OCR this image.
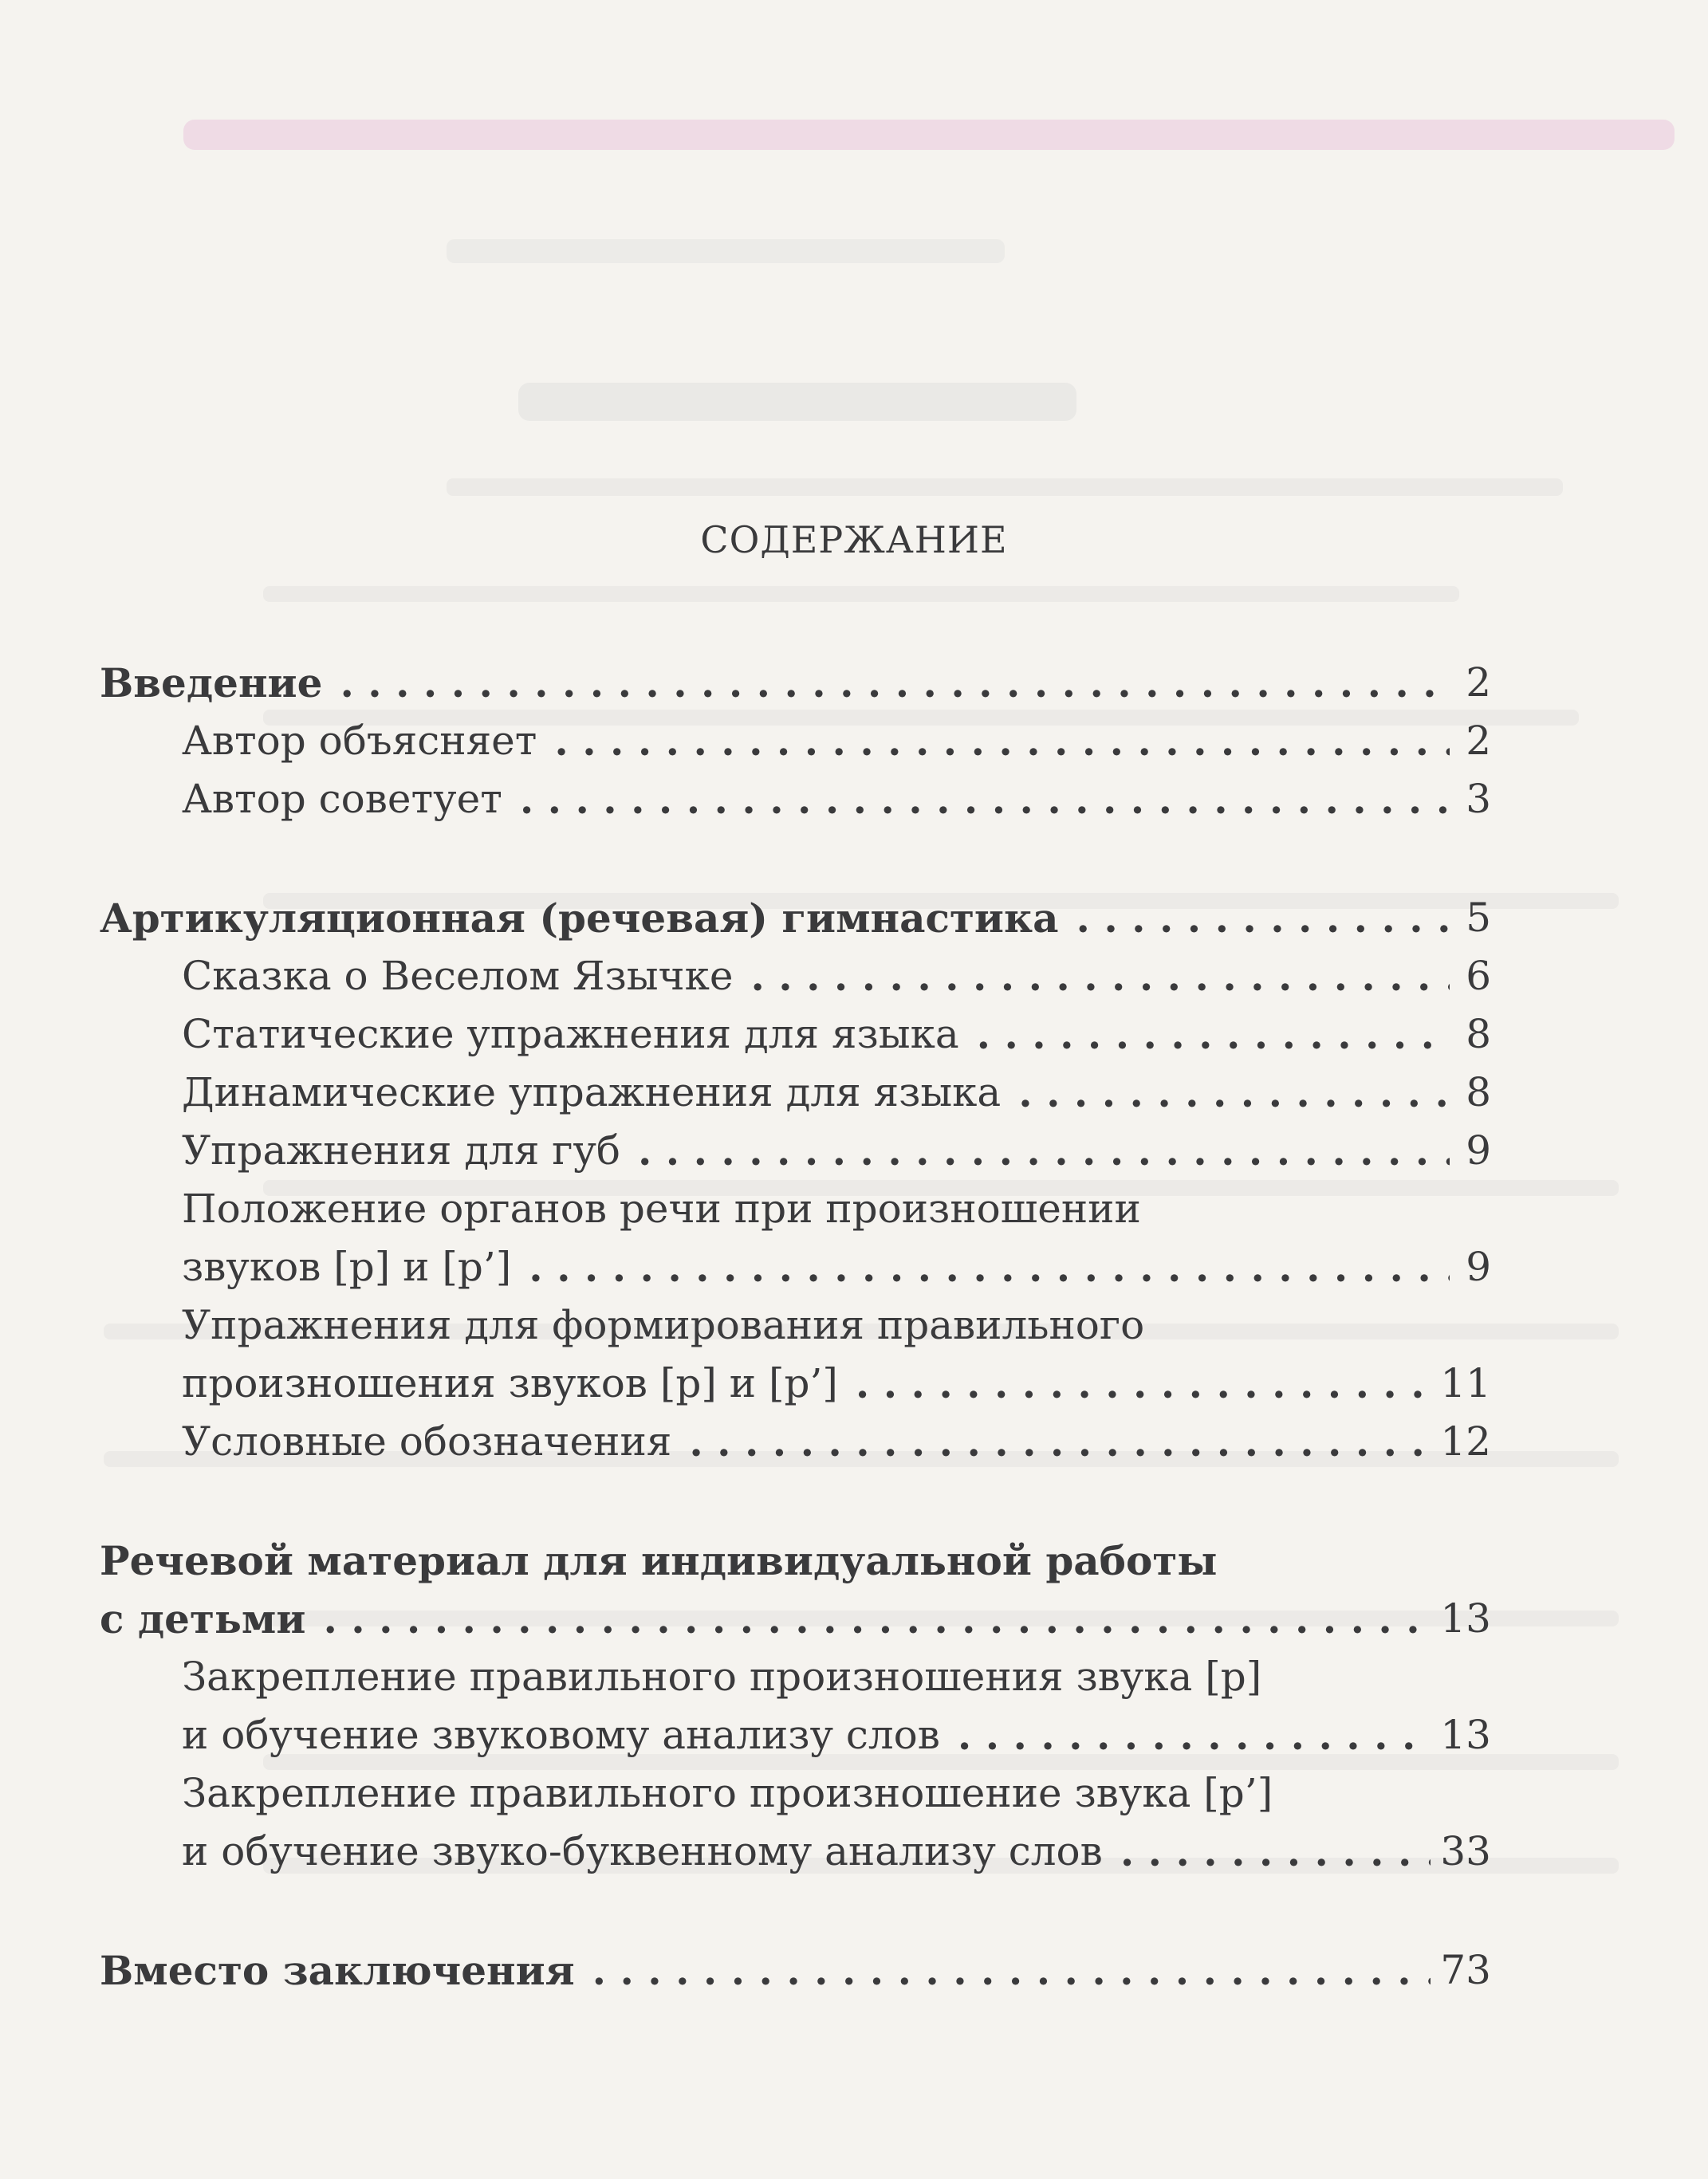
СОДЕРЖАНИЕ
Введение . . .	2
Автор объясняет . . .	2
Автор советует . . .	3
Артикуляционная (речевая) гимнастика . . .	5
Сказка о Веселом Язычке . . .	6
Статические упражнения для языка . . .	8
Динамические упражнения для языка . . .	8
Упражнения для губ . . .	9
Положение органов речи при произношении
звуков [р] и [р’] . . .	9
Упражнения для формирования правильного
произношения звуков [р] и [р’] . . .	11
Условные обозначения . . .	12
Речевой материал для индивидуальной работы
с детьми . . .	13
Закрепление правильного произношения звука [р]
и обучение звуковому анализу слов . . .	13
Закрепление правильного произношение звука [р’]
и обучение звуко-буквенному анализу слов . . .	33
Вместо заключения . . .	73
